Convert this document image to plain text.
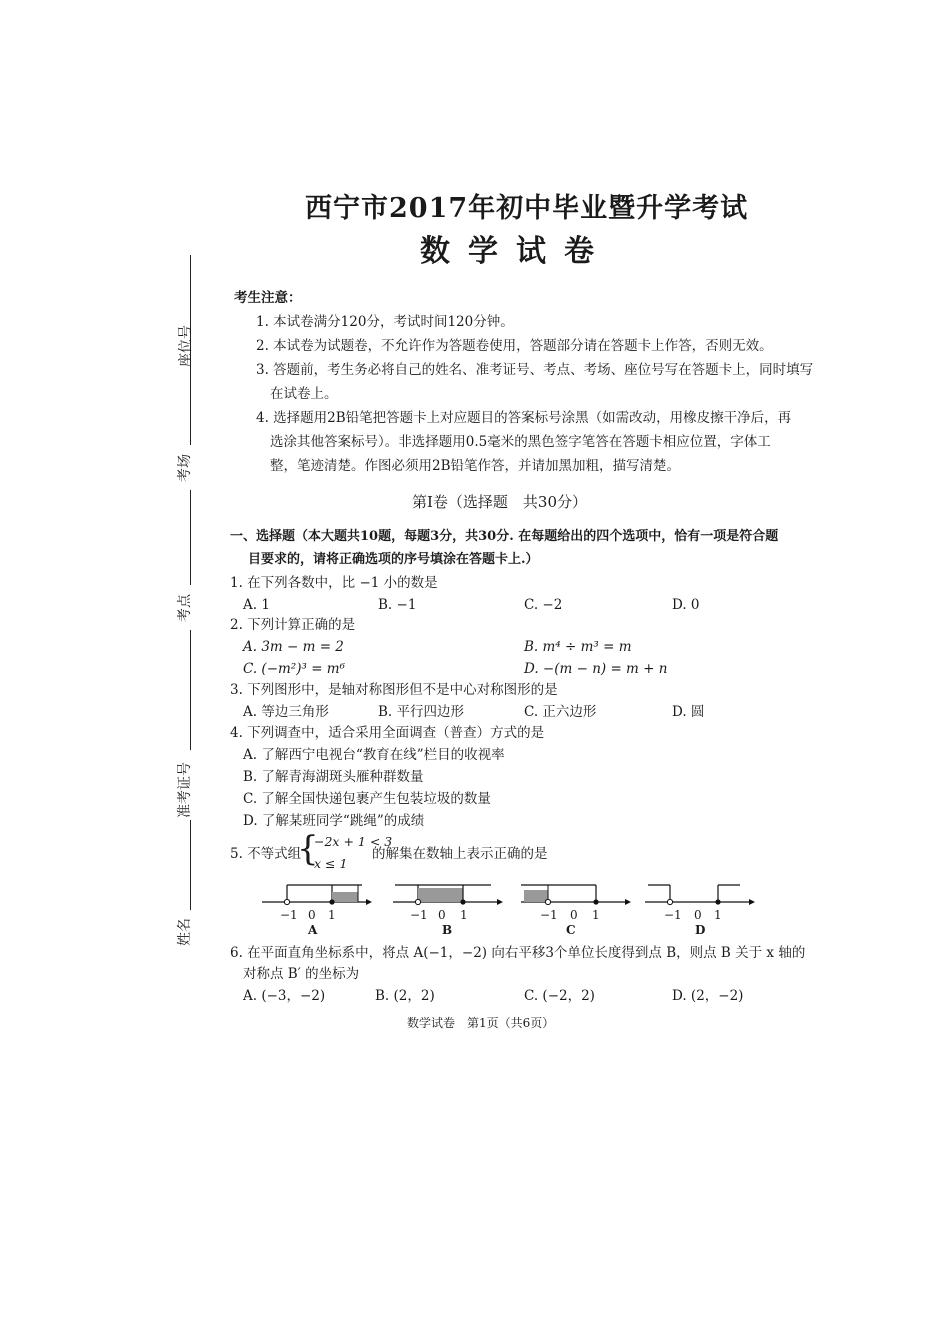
座位号
考场
考点
准考证号
姓名
西宁市2017年初中毕业暨升学考试
数学试卷
考生注意：
1. 本试卷满分120分，考试时间120分钟。
2. 本试卷为试题卷，不允许作为答题卷使用，答题部分请在答题卡上作答，否则无效。
3. 答题前，考生务必将自己的姓名、准考证号、考点、考场、座位号写在答题卡上，同时填写
在试卷上。
4. 选择题用2B铅笔把答题卡上对应题目的答案标号涂黑（如需改动，用橡皮擦干净后，再
选涂其他答案标号）。非选择题用0.5毫米的黑色签字笔答在答题卡相应位置，字体工
整，笔迹清楚。作图必须用2B铅笔作答，并请加黑加粗，描写清楚。
第Ⅰ卷（选择题　共30分）
一、选择题（本大题共10题，每题3分，共30分. 在每题给出的四个选项中，恰有一项是符合题
目要求的，请将正确选项的序号填涂在答题卡上.）
1. 在下列各数中，比 −1 小的数是
A. 1	B. −1	C. −2	D. 0
2. 下列计算正确的是
A. 3m − m = 2	B. m⁴ ÷ m³ = m
C. (−m²)³ = m⁶	D. −(m − n) = m + n
3. 下列图形中，是轴对称图形但不是中心对称图形的是
A. 等边三角形	B. 平行四边形	C. 正六边形	D. 圆
4. 下列调查中，适合采用全面调查（普查）方式的是
A. 了解西宁电视台“教育在线”栏目的收视率
B. 了解青海湖斑头雁种群数量
C. 了解全国快递包裹产生包装垃圾的数量
D. 了解某班同学“跳绳”的成绩
5. 不等式组
{
−2x + 1 < 3
x ≤ 1
的解集在数轴上表示正确的是
−1 0 1
A
−1 0 1
B
−1 0 1
C
−1 0 1
D
6. 在平面直角坐标系中，将点 A(−1，−2) 向右平移3个单位长度得到点 B，则点 B 关于 x 轴的
对称点 B′ 的坐标为
A. (−3，−2)	B. (2，2)	C. (−2，2)	D. (2，−2)
数学试卷　第1页（共6页）
